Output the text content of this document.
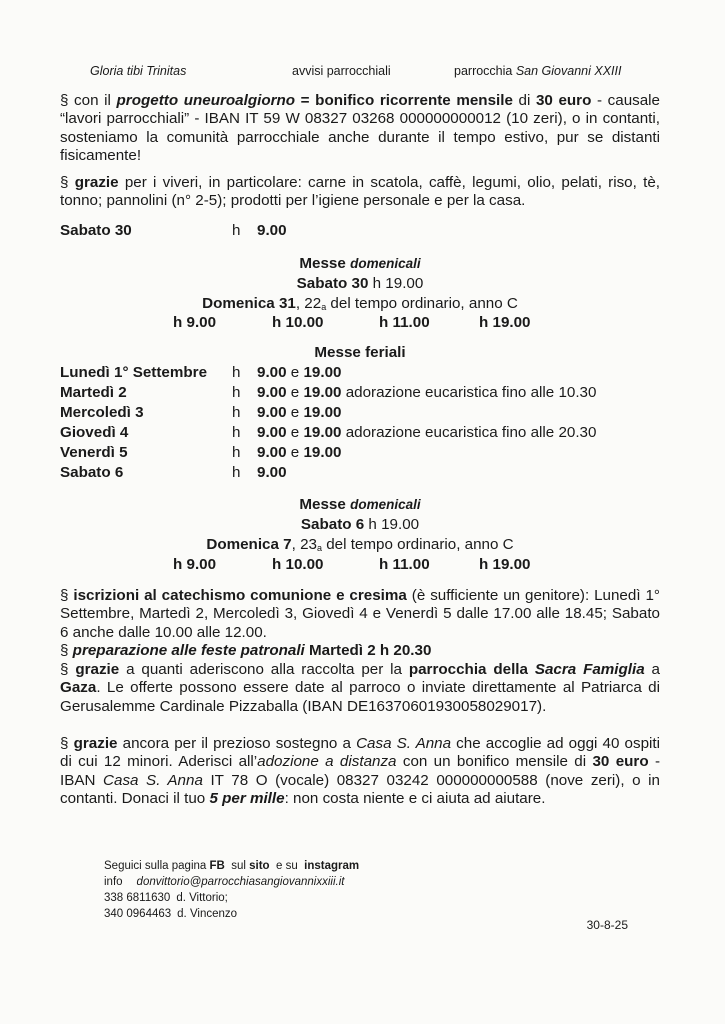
Gloria tibi Trinitas	avvisi parrocchiali	parrocchia San Giovanni XXIII
§ con il progetto uneuroalgiorno = bonifico ricorrente mensile di 30 euro - causale “lavori parrocchiali” - IBAN IT 59 W 08327 03268 000000000012 (10 zeri), o in contanti, sosteniamo la comunità parrocchiale anche durante il tempo estivo, pur se distanti fisicamente!
§ grazie per i viveri, in particolare: carne in scatola, caffè, legumi, olio, pelati, riso, tè, tonno; pannolini (n° 2-5); prodotti per l’igiene personale e per la casa.
Sabato 30	h 9.00
Messe domenicali
Sabato 30 h 19.00
Domenica 31, $22_a$ del tempo ordinario, anno C
h 9.00	h 10.00	h 11.00	h 19.00
Messe feriali
Lunedì 1° Settembre h 9.00 e 19.00
Martedì 2	h 9.00 e 19.00 adorazione eucaristica fino alle 10.30
Mercoledì 3	h 9.00 e 19.00
Giovedì 4	h 9.00 e 19.00 adorazione eucaristica fino alle 20.30
Venerdì 5	h 9.00 e 19.00
Sabato 6	h 9.00
Messe domenicali
Sabato 6 h 19.00
Domenica 7, $23_a$ del tempo ordinario, anno C
h 9.00	h 10.00	h 11.00	h 19.00
§ iscrizioni al catechismo comunione e cresima (è sufficiente un genitore): Lunedì 1° Settembre, Martedì 2, Mercoledì 3, Giovedì 4 e Venerdì 5 dalle 17.00 alle 18.45; Sabato 6 anche dalle 10.00 alle 12.00.
§ preparazione alle feste patronali Martedì 2 h 20.30
§ grazie a quanti aderiscono alla raccolta per la parrocchia della Sacra Famiglia a Gaza. Le offerte possono essere date al parroco o inviate direttamente al Patriarca di Gerusalemme Cardinale Pizzaballa (IBAN DE16370601930058029017).
§ grazie ancora per il prezioso sostegno a Casa S. Anna che accoglie ad oggi 40 ospiti di cui 12 minori. Aderisci all’adozione a distanza con un bonifico mensile di 30 euro - IBAN Casa S. Anna IT 78 O (vocale) 08327 03242 000000000588 (nove zeri), o in contanti. Donaci il tuo 5 per mille: non costa niente e ci aiuta ad aiutare.
Seguici sulla pagina FB  sul sito  e su  instagram
info donvittorio@parrocchiasangiovannixxiii.it
338 6811630 d. Vittorio;
340 0964463 d. Vincenzo
30-8-25
